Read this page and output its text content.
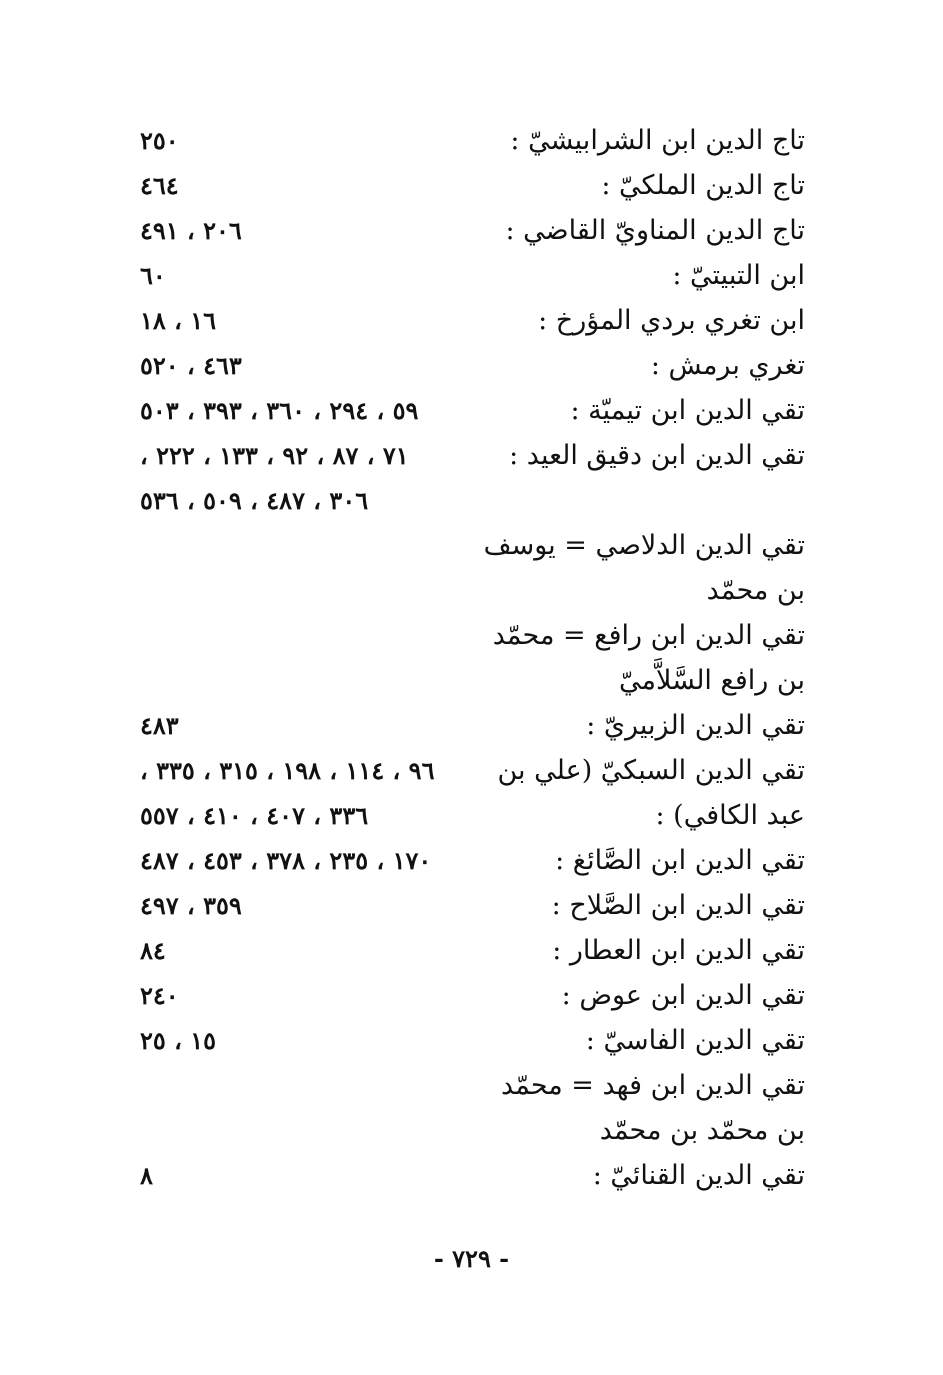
تاج الدين ابن الشرابيشيّ :
٢٥٠
تاج الدين الملكيّ :
٤٦٤
تاج الدين المناويّ القاضي :
٢٠٦ ، ٤٩١
ابن التبيتيّ :
٦٠
ابن تغري بردي المؤرخ :
١٦ ، ١٨
تغري برمش :
٤٦٣ ، ٥٢٠
تقي الدين ابن تيميّة :
٥٩ ، ٢٩٤ ، ٣٦٠ ، ٣٩٣ ، ٥٠٣
تقي الدين ابن دقيق العيد :
٧١ ، ٨٧ ، ٩٢ ، ١٣٣ ، ٢٢٢ ،
٣٠٦ ، ٤٨٧ ، ٥٠٩ ، ٥٣٦
تقي الدين الدلاصي = يوسف بن محمّد
تقي الدين ابن رافع = محمّد بن رافع السَّلاَّميّ
تقي الدين الزبيريّ :
٤٨٣
تقي الدين السبكيّ (علي بن عبد الكافي) :
٩٦ ، ١١٤ ، ١٩٨ ، ٣١٥ ، ٣٣٥ ،
٣٣٦ ، ٤٠٧ ، ٤١٠ ، ٥٥٧
تقي الدين ابن الصَّائغ :
١٧٠ ، ٢٣٥ ، ٣٧٨ ، ٤٥٣ ، ٤٨٧
تقي الدين ابن الصَّلاح :
٣٥٩ ، ٤٩٧
تقي الدين ابن العطار :
٨٤
تقي الدين ابن عوض :
٢٤٠
تقي الدين الفاسيّ :
١٥ ، ٢٥
تقي الدين ابن فهد = محمّد بن محمّد بن محمّد
تقي الدين القنائيّ :
٨
- ٧٢٩ -
